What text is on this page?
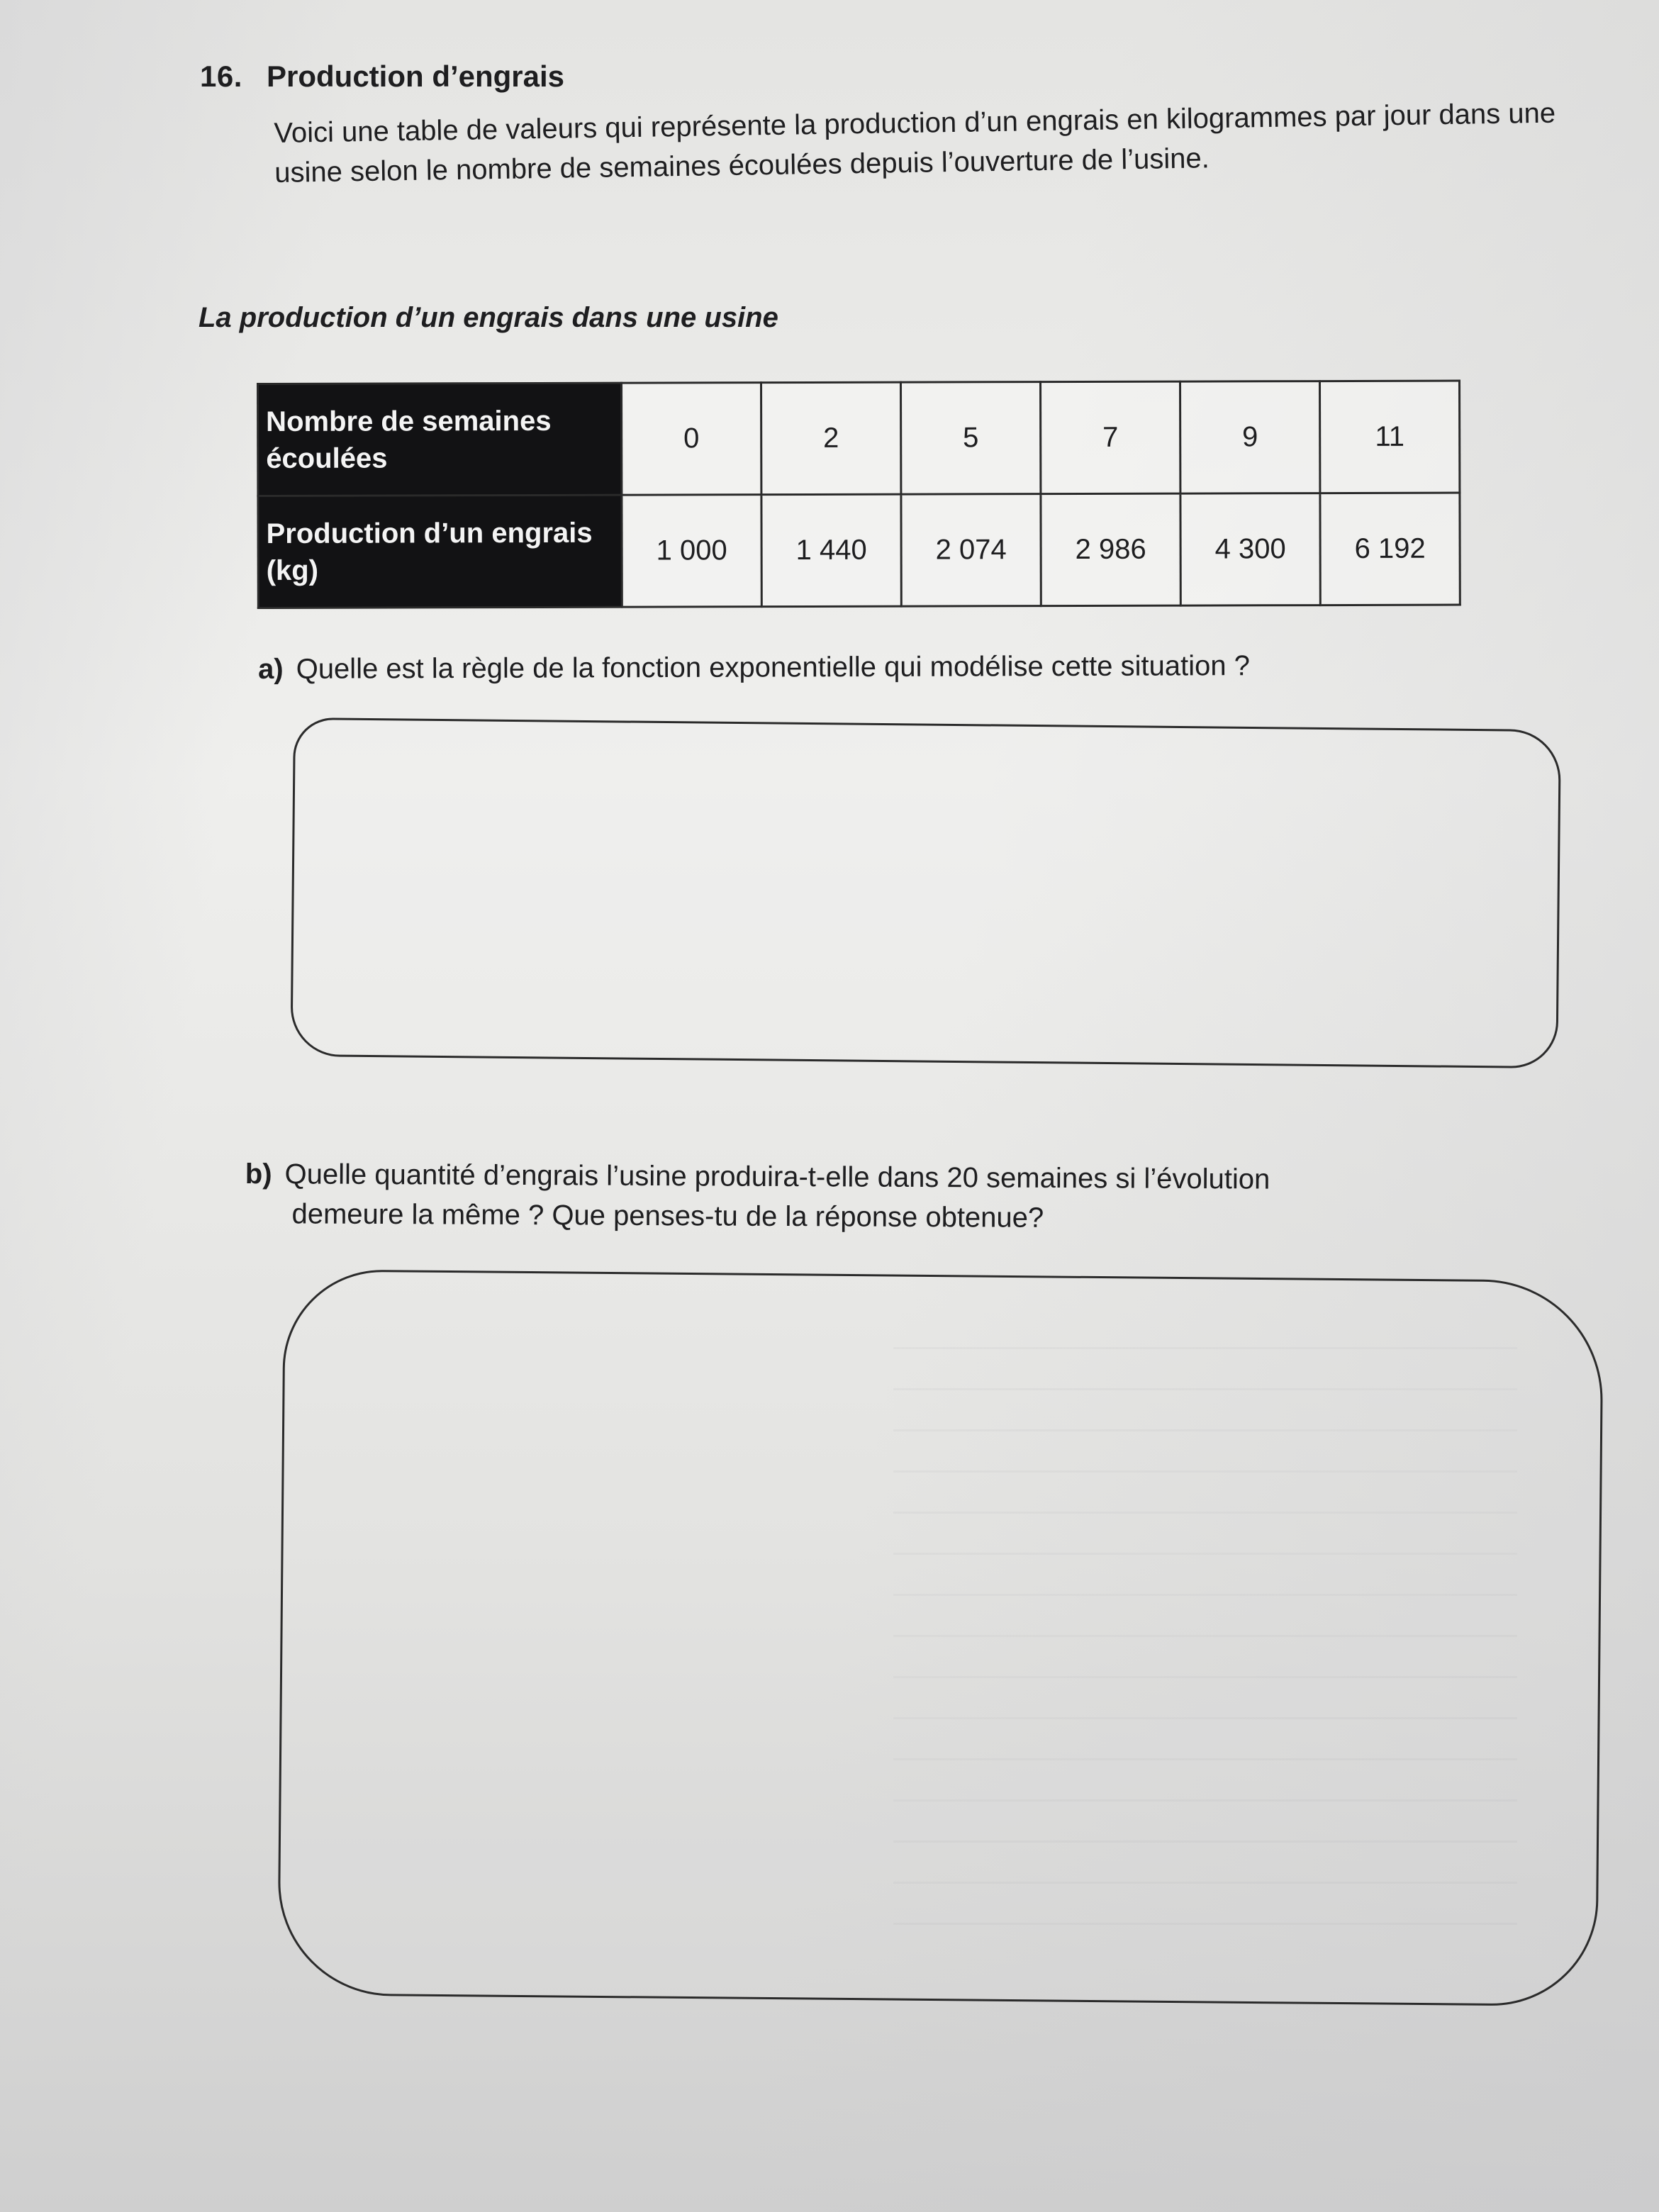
16. Production d’engrais
Voici une table de valeurs qui représente la production d’un engrais en kilogrammes par jour dans une usine selon le nombre de semaines écoulées depuis l’ouverture de l’usine.
La production d’un engrais dans une usine
Nombre de semaines écoulées	0	2	5	7	9	11
Production d’un engrais (kg)	1 000	1 440	2 074	2 986	4 300	6 192
a) Quelle est la règle de la fonction exponentielle qui modélise cette situation ?
b) Quelle quantité d’engrais l’usine produira-t-elle dans 20 semaines si l’évolution
demeure la même ? Que penses-tu de la réponse obtenue?
